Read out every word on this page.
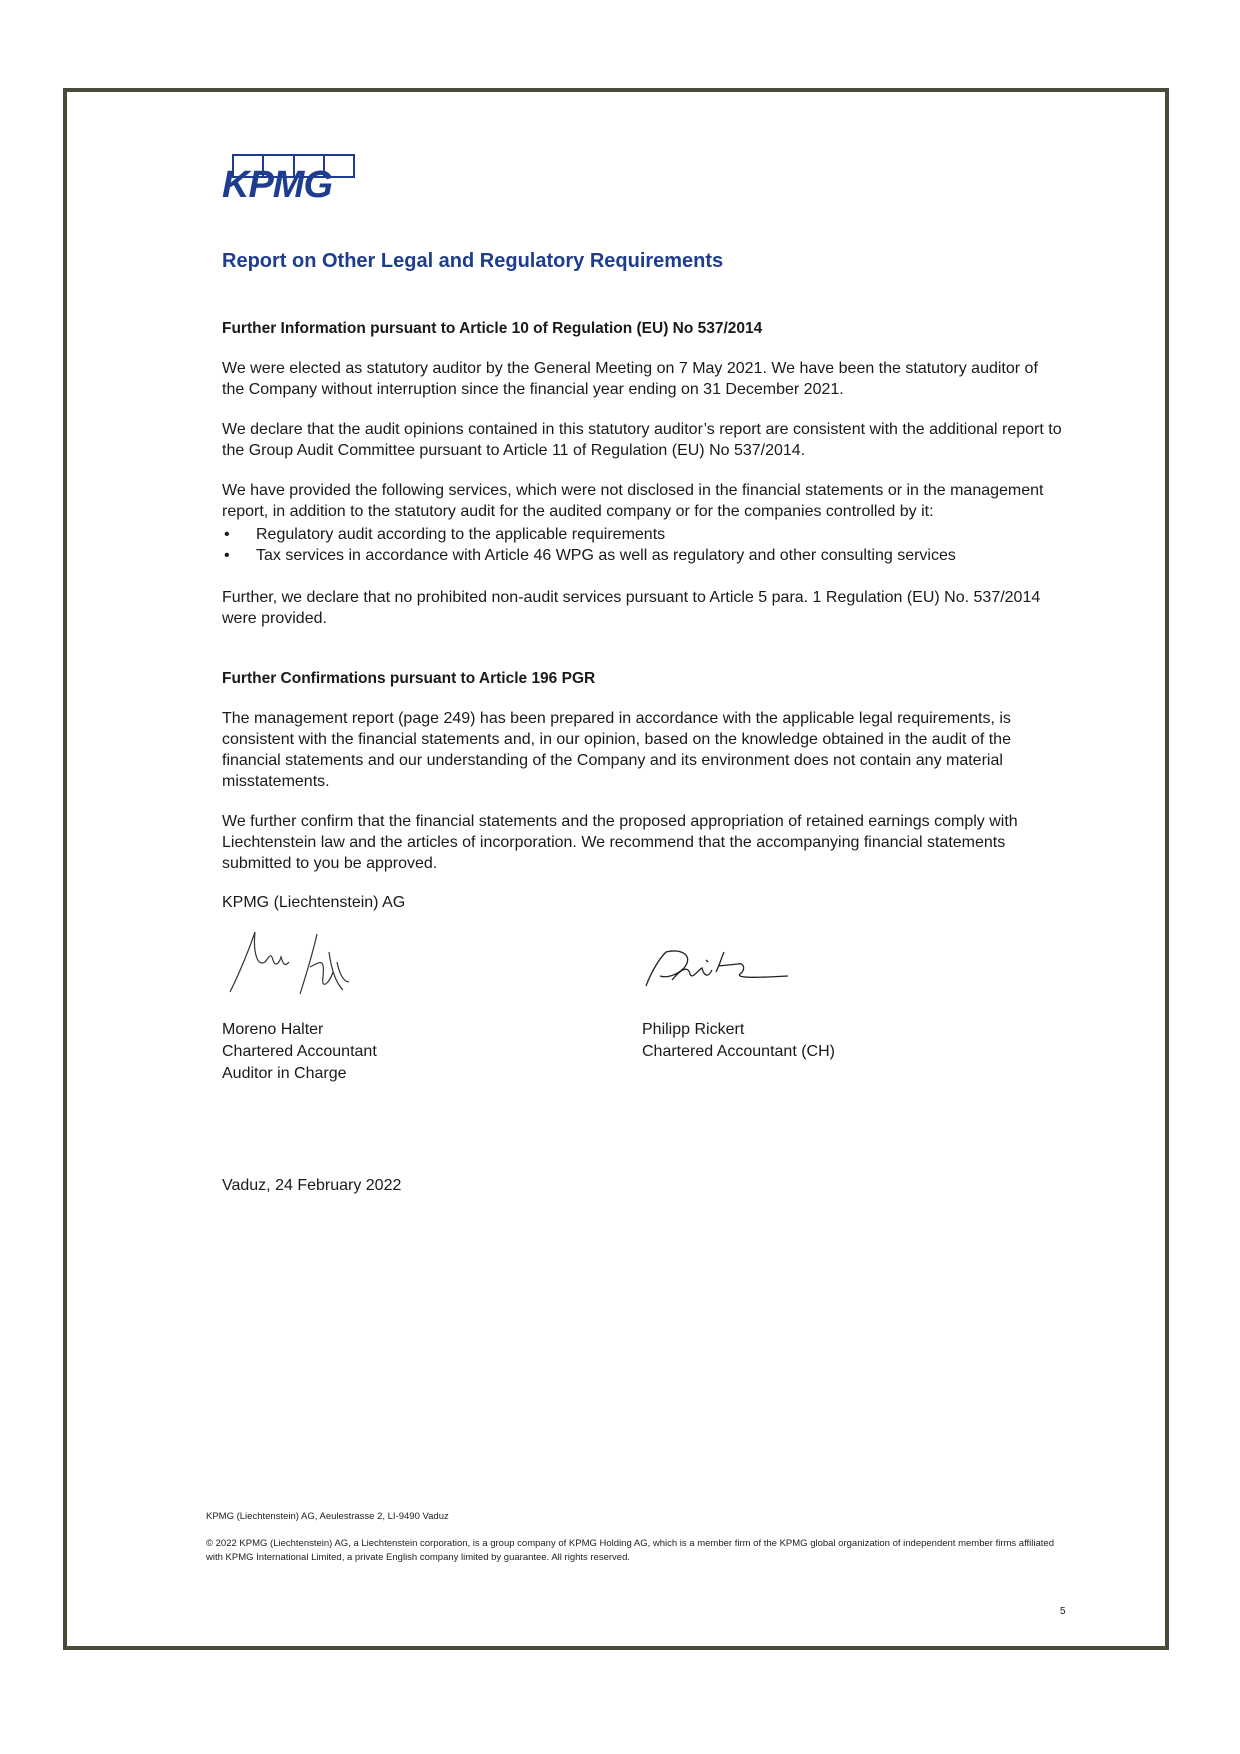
KPMG
Report on Other Legal and Regulatory Requirements
Further Information pursuant to Article 10 of Regulation (EU) No 537/2014
We were elected as statutory auditor by the General Meeting on 7 May 2021. We have been the statutory auditor of the Company without interruption since the financial year ending on 31 December 2021.
We declare that the audit opinions contained in this statutory auditor’s report are consistent with the additional report to the Group Audit Committee pursuant to Article 11 of Regulation (EU) No 537/2014.
We have provided the following services, which were not disclosed in the financial statements or in the management report, in addition to the statutory audit for the audited company or for the companies controlled by it:
• Regulatory audit according to the applicable requirements
• Tax services in accordance with Article 46 WPG as well as regulatory and other consulting services
Further, we declare that no prohibited non-audit services pursuant to Article 5 para. 1 Regulation (EU) No. 537/2014 were provided.
Further Confirmations pursuant to Article 196 PGR
The management report (page 249) has been prepared in accordance with the applicable legal requirements, is consistent with the financial statements and, in our opinion, based on the knowledge obtained in the audit of the financial statements and our understanding of the Company and its environment does not contain any material misstatements.
We further confirm that the financial statements and the proposed appropriation of retained earnings comply with Liechtenstein law and the articles of incorporation. We recommend that the accompanying financial statements submitted to you be approved.
KPMG (Liechtenstein) AG
Moreno Halter
Chartered Accountant
Auditor in Charge
Philipp Rickert
Chartered Accountant (CH)
Vaduz, 24 February 2022
KPMG (Liechtenstein) AG, Aeulestrasse 2, LI-9490 Vaduz
© 2022 KPMG (Liechtenstein) AG, a Liechtenstein corporation, is a group company of KPMG Holding AG, which is a member firm of the KPMG global organization of independent member firms affiliated with KPMG International Limited, a private English company limited by guarantee. All rights reserved.
5
